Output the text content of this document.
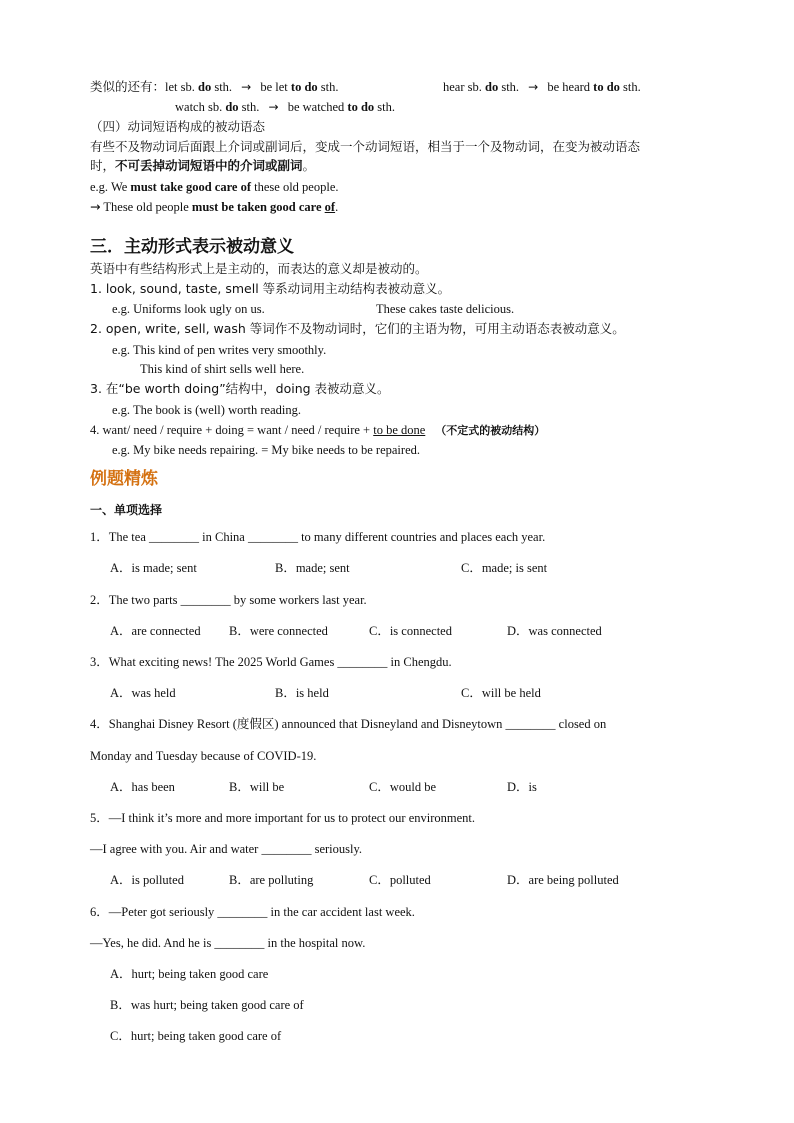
类似的还有：let sb. do sth. → be let to do sth.	hear sb. do sth. → be heard to do sth.
watch sb. do sth. → be watched to do sth.
（四）动词短语构成的被动语态
有些不及物动词后面跟上介词或副词后，变成一个动词短语，相当于一个及物动词，在变为被动语态
时，不可丢掉动词短语中的介词或副词。
e.g. We must take good care of these old people.
→ These old people must be taken good care of.
三．主动形式表示被动意义
英语中有些结构形式上是主动的，而表达的意义却是被动的。
1. look, sound, taste, smell 等系动词用主动结构表被动意义。
e.g. Uniforms look ugly on us.	These cakes taste delicious.
2. open, write, sell, wash 等词作不及物动词时，它们的主语为物，可用主动语态表被动意义。
e.g. This kind of pen writes very smoothly.
This kind of shirt sells well here.
3. 在“be worth doing”结构中，doing 表被动意义。
e.g. The book is (well) worth reading.
4. want/ need / require + doing = want / need / require + to be done （不定式的被动结构）
e.g. My bike needs repairing. = My bike needs to be repaired.
例题精炼
一、单项选择
1．The tea ________ in China ________ to many different countries and places each year.
A．is made; sent	B．made; sent	C．made; is sent
2．The two parts ________ by some workers last year.
A．are connected B．were connected	C．is connected	D．was connected
3．What exciting news! The 2025 World Games ________ in Chengdu.
A．was held	B．is held	C．will be held
4．Shanghai Disney Resort (度假区) announced that Disneyland and Disneytown ________ closed on
Monday and Tuesday because of COVID-19.
A．has been	B．will be	C．would be	D．is
5．—I think it’s more and more important for us to protect our environment.
—I agree with you. Air and water ________ seriously.
A．is polluted	B．are polluting	C．polluted	D．are being polluted
6．—Peter got seriously ________ in the car accident last week.
—Yes, he did. And he is ________ in the hospital now.
A．hurt; being taken good care
B．was hurt; being taken good care of
C．hurt; being taken good care of
